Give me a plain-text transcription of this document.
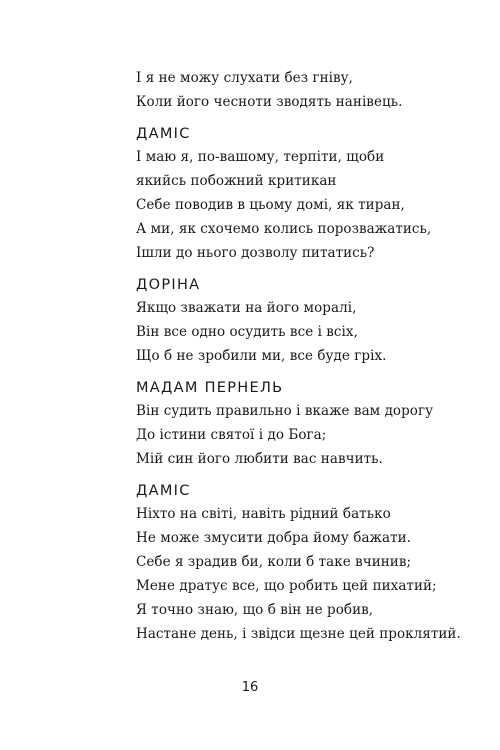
І я не можу слухати без гніву,
Коли його чесноти зводять нанівець.
ДАМІС
І маю я, по-вашому, терпіти, щоби
якийсь побожний критикан
Себе поводив в цьому домі, як тиран,
А ми, як схочемо колись порозважатись,
Ішли до нього дозволу питатись?
ДОРІНА
Якщо зважати на його моралі,
Він все одно осудить все і всіх,
Що б не зробили ми, все буде гріх.
МАДАМ ПЕРНЕЛЬ
Він судить правильно і вкаже вам дорогу
До істини святої і до Бога;
Мій син його любити вас навчить.
ДАМІС
Ніхто на світі, навіть рідний батько
Не може змусити добра йому бажати.
Себе я зрадив би, коли б таке вчинив;
Мене дратує все, що робить цей пихатий;
Я точно знаю, що б він не робив,
Настане день, і звідси щезне цей проклятий.
16
